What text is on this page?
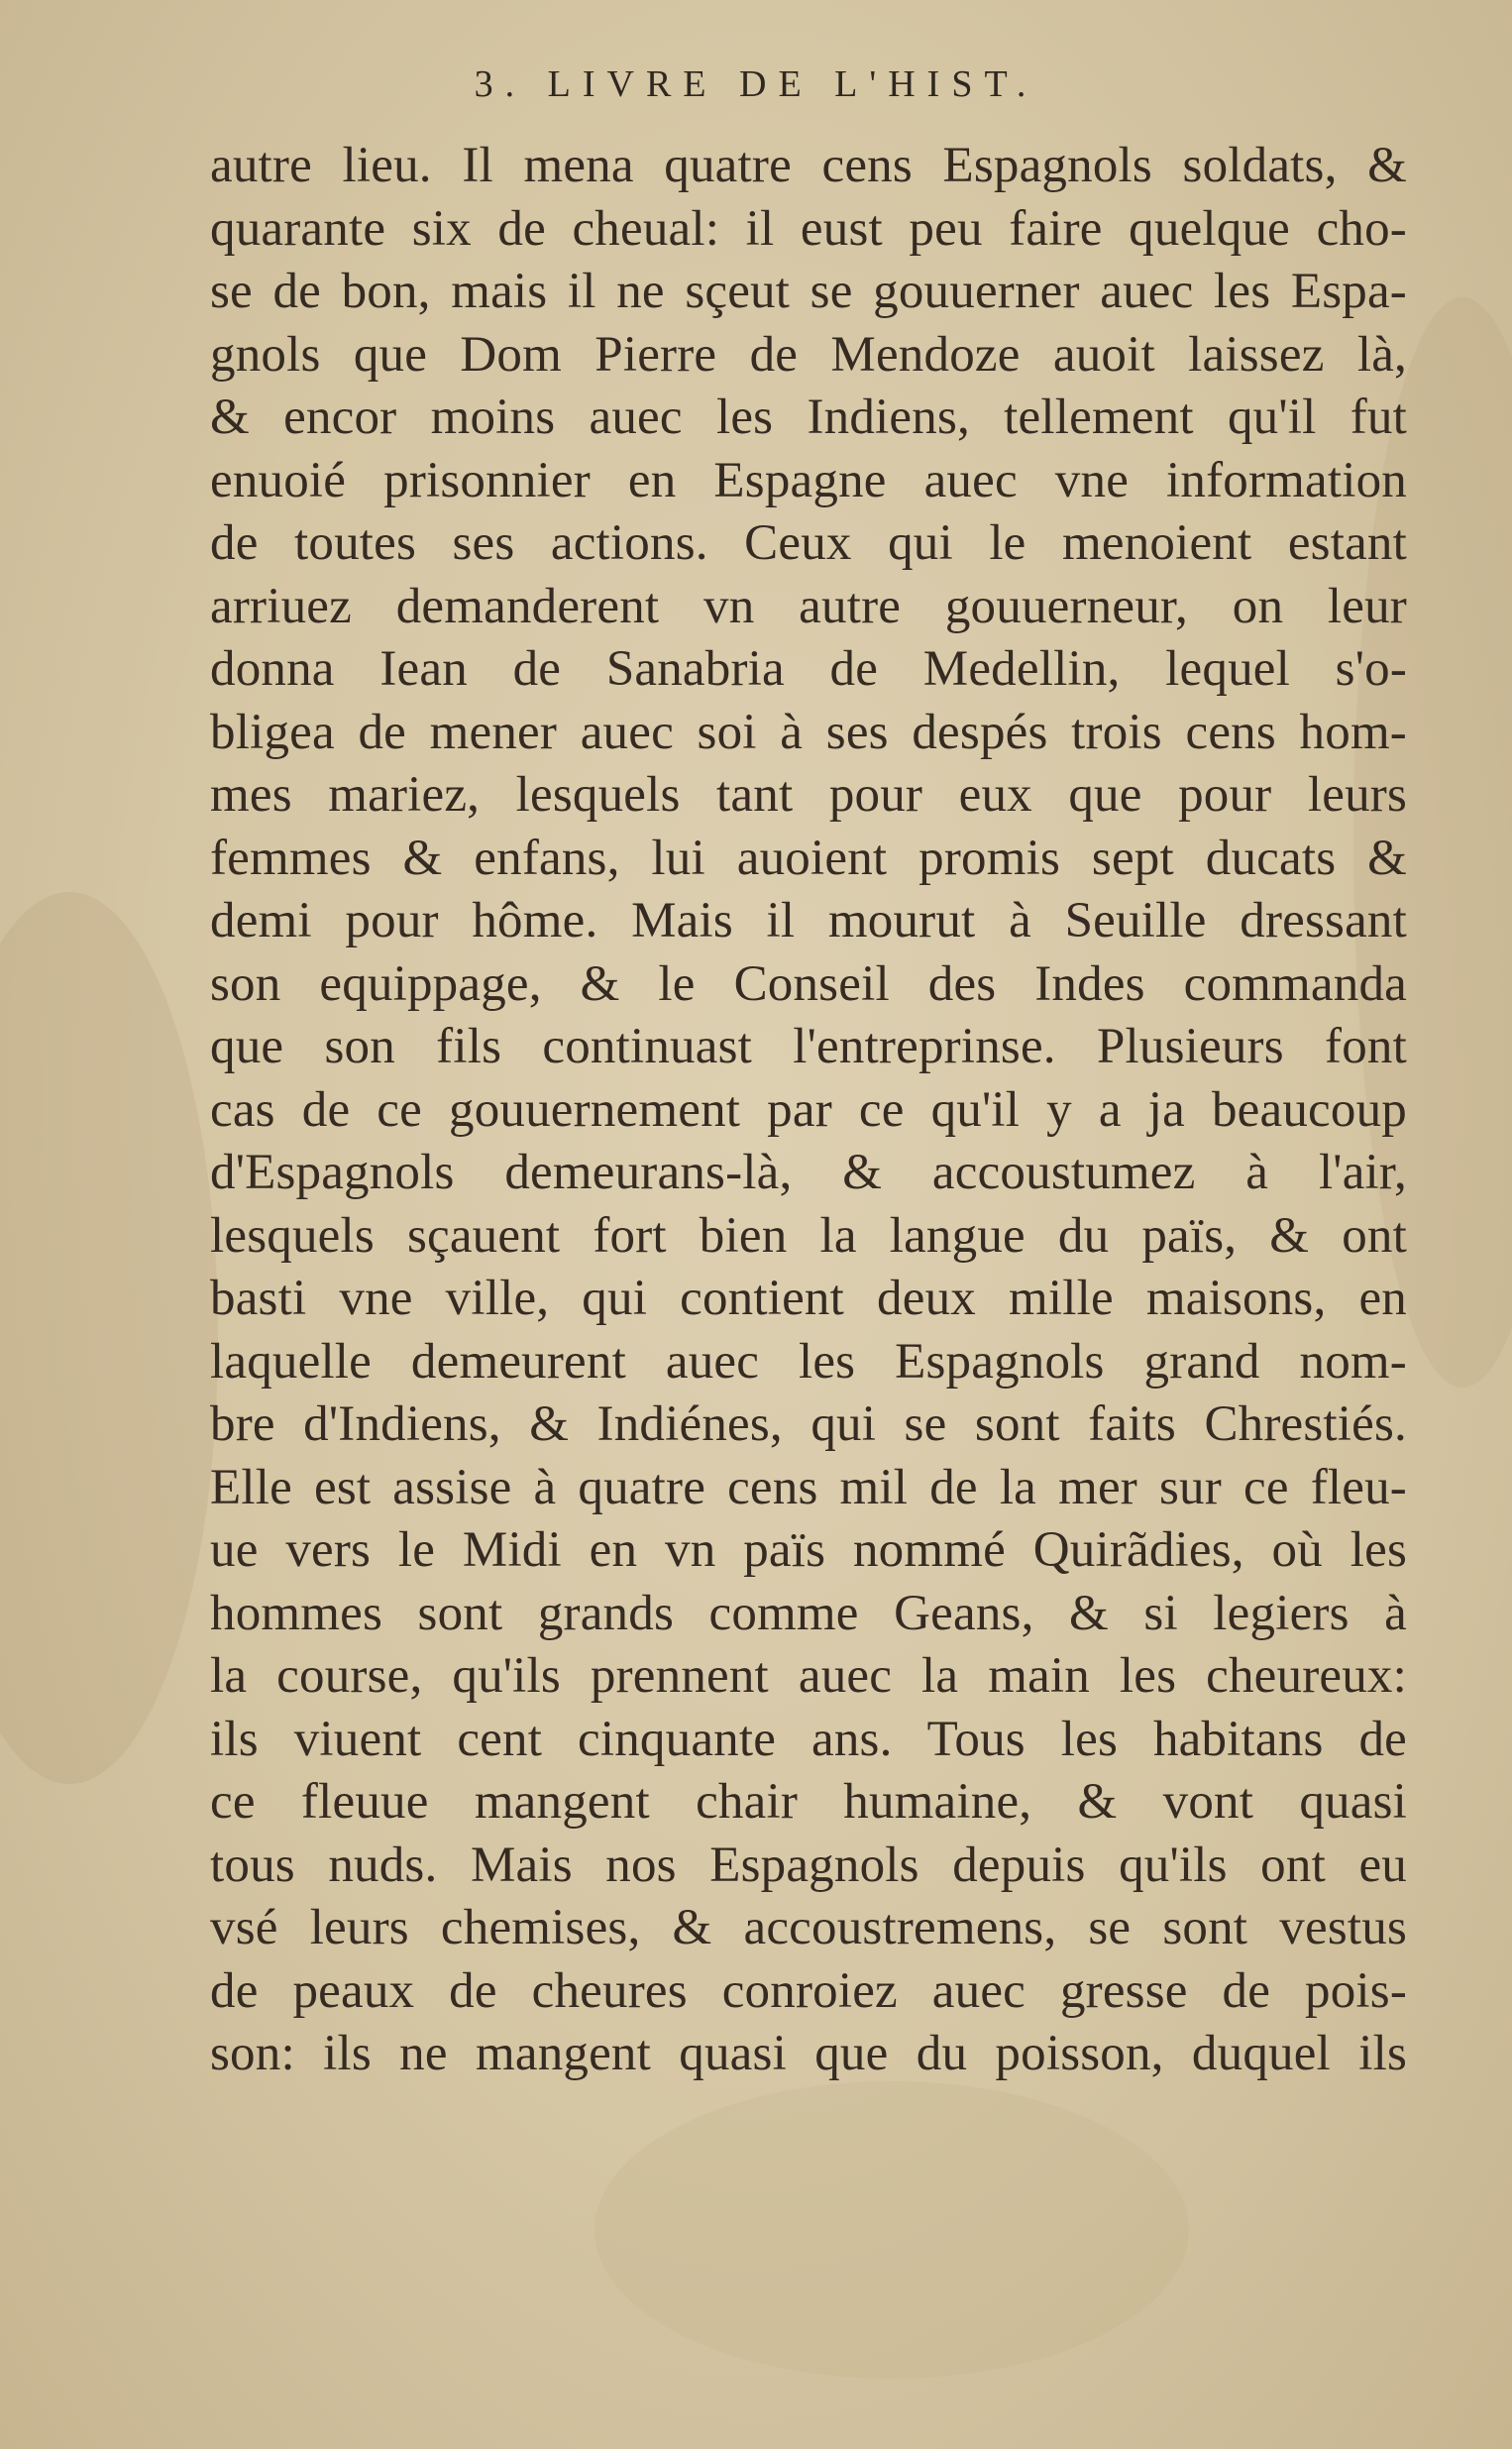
3. LIVRE DE L'HIST.
autre lieu. Il mena quatre cens Espagnols soldats, &
quarante six de cheual: il eust peu faire quelque cho-
se de bon, mais il ne sçeut se gouuerner auec les Espa-
gnols que Dom Pierre de Mendoze auoit laissez là,
& encor moins auec les Indiens, tellement qu'il fut
enuoié prisonnier en Espagne auec vne information
de toutes ses actions. Ceux qui le menoient estant
arriuez demanderent vn autre gouuerneur, on leur
donna Iean de Sanabria de Medellin, lequel s'o-
bligea de mener auec soi à ses despés trois cens hom-
mes mariez, lesquels tant pour eux que pour leurs
femmes & enfans, lui auoient promis sept ducats &
demi pour hôme. Mais il mourut à Seuille dressant
son equippage, & le Conseil des Indes commanda
que son fils continuast l'entreprinse. Plusieurs font
cas de ce gouuernement par ce qu'il y a ja beaucoup
d'Espagnols demeurans-là, & accoustumez à l'air,
lesquels sçauent fort bien la langue du païs, & ont
basti vne ville, qui contient deux mille maisons, en
laquelle demeurent auec les Espagnols grand nom-
bre d'Indiens, & Indiénes, qui se sont faits Chrestiés.
Elle est assise à quatre cens mil de la mer sur ce fleu-
ue vers le Midi en vn païs nommé Quirãdies, où les
hommes sont grands comme Geans, & si legiers à
la course, qu'ils prennent auec la main les cheureux:
ils viuent cent cinquante ans. Tous les habitans de
ce fleuue mangent chair humaine, & vont quasi
tous nuds. Mais nos Espagnols depuis qu'ils ont eu
vsé leurs chemises, & accoustremens, se sont vestus
de peaux de cheures conroiez auec gresse de pois-
son: ils ne mangent quasi que du poisson, duquel ils
